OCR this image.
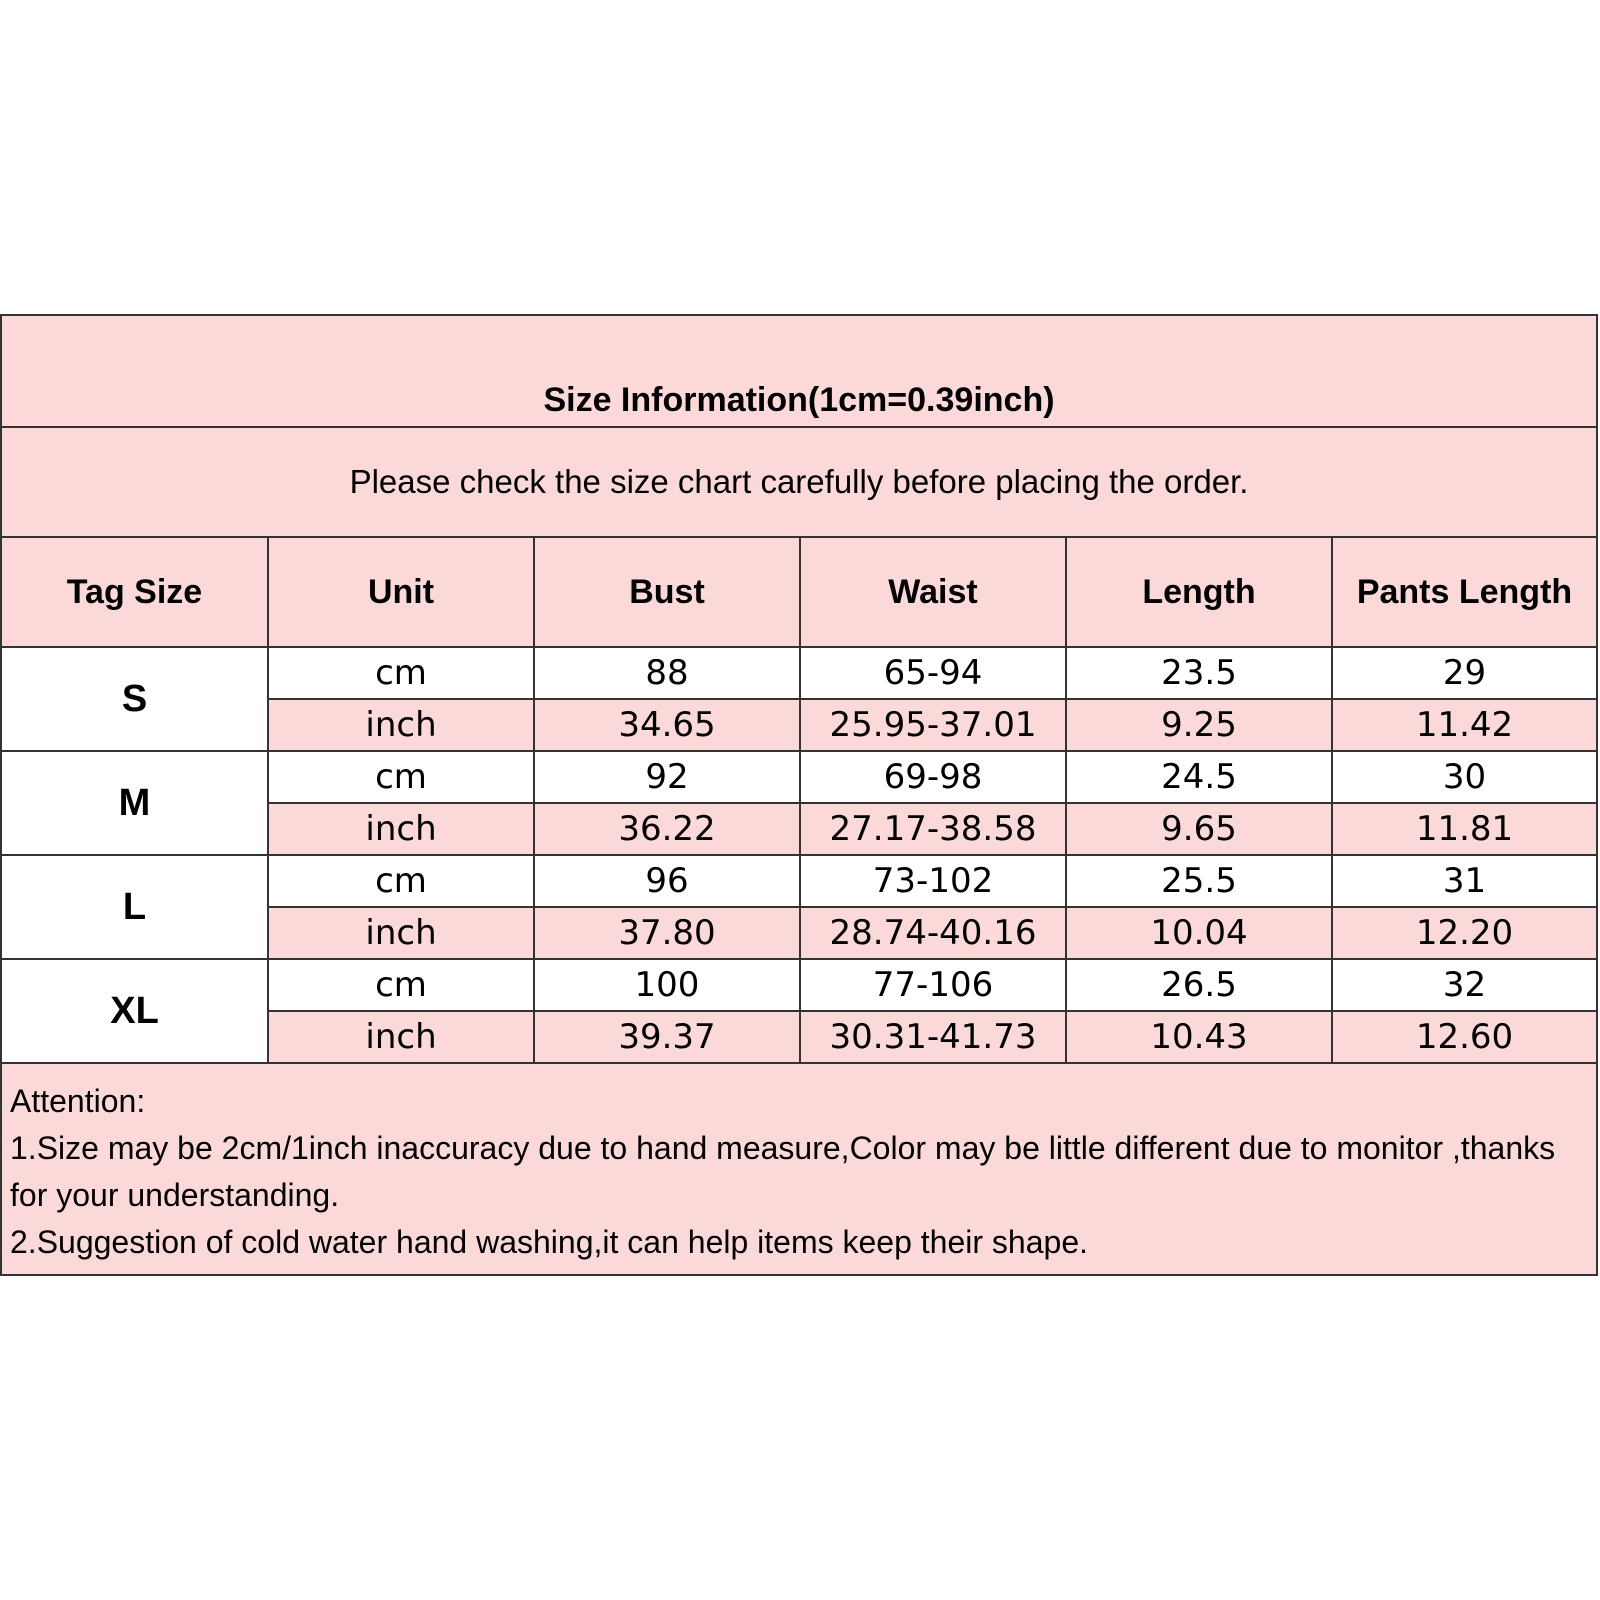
Size Information(1cm=0.39inch)
Please check the size chart carefully before placing the order.
Tag Size	Unit	Bust	Waist	Length	Pants Length
S	cm	88	65-94	23.5	29
	inch	34.65	25.95-37.01	9.25	11.42
M	cm	92	69-98	24.5	30
	inch	36.22	27.17-38.58	9.65	11.81
L	cm	96	73-102	25.5	31
	inch	37.80	28.74-40.16	10.04	12.20
XL	cm	100	77-106	26.5	32
	inch	39.37	30.31-41.73	10.43	12.60
Attention:
1.Size may be 2cm/1inch inaccuracy due to hand measure,Color may be little different due to monitor ,thanks for your understanding.
2.Suggestion of cold water hand washing,it can help items keep their shape.
